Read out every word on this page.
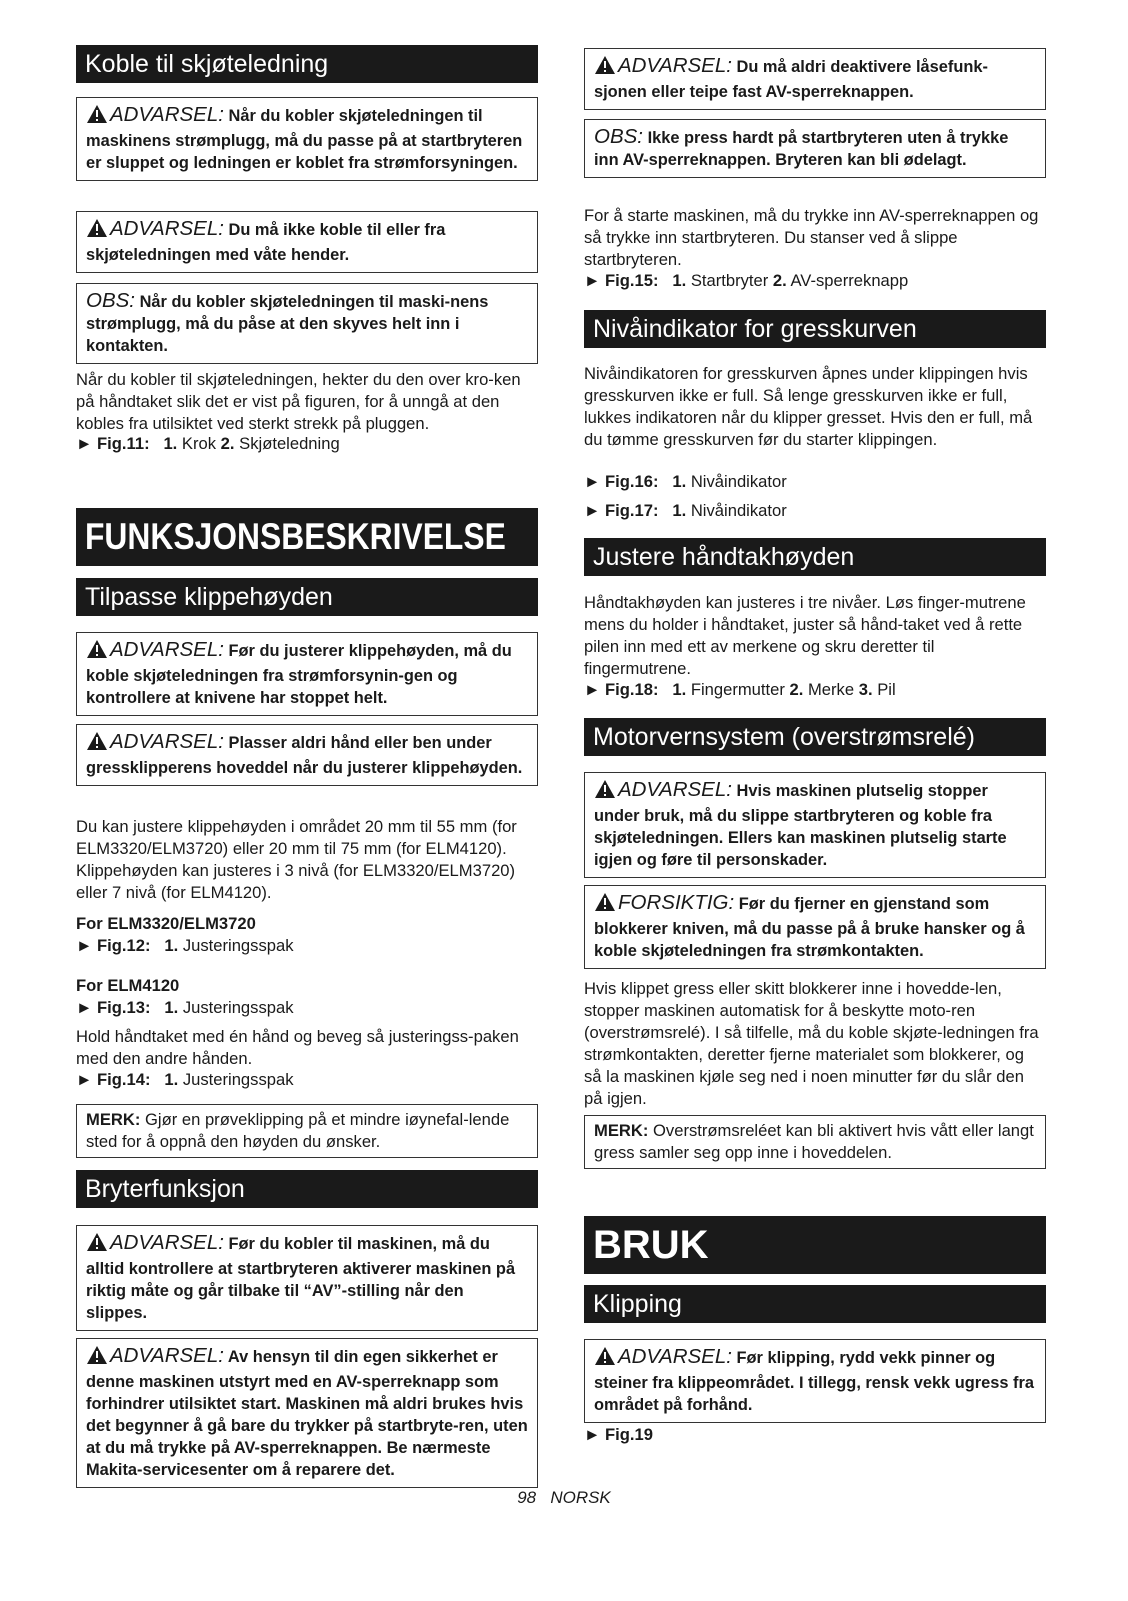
Koble til skjøteledning
ADVARSEL: Når du kobler skjøteledningen til maskinens strømplugg, må du passe på at startbryteren er sluppet og ledningen er koblet fra strømforsyningen.
ADVARSEL: Du må ikke koble til eller fra skjøteledningen med våte hender.
OBS: Når du kobler skjøteledningen til maski-nens strømplugg, må du påse at den skyves helt inn i kontakten.
Når du kobler til skjøteledningen, hekter du den over kro-ken på håndtaket slik det er vist på figuren, for å unngå at den kobles fra utilsiktet ved sterkt strekk på pluggen.
► Fig.11: 1. Krok 2. Skjøteledning
FUNKSJONSBESKRIVELSE
Tilpasse klippehøyden
ADVARSEL: Før du justerer klippehøyden, må du koble skjøteledningen fra strømforsynin-gen og kontrollere at knivene har stoppet helt.
ADVARSEL: Plasser aldri hånd eller ben under gressklipperens hoveddel når du justerer klippehøyden.
Du kan justere klippehøyden i området 20 mm til 55 mm (for ELM3320/ELM3720) eller 20 mm til 75 mm (for ELM4120). Klippehøyden kan justeres i 3 nivå (for ELM3320/ELM3720) eller 7 nivå (for ELM4120).
For ELM3320/ELM3720
► Fig.12: 1. Justeringsspak
For ELM4120
► Fig.13: 1. Justeringsspak
Hold håndtaket med én hånd og beveg så justeringss-paken med den andre hånden.
► Fig.14: 1. Justeringsspak
MERK: Gjør en prøveklipping på et mindre iøynefal-lende sted for å oppnå den høyden du ønsker.
Bryterfunksjon
ADVARSEL: Før du kobler til maskinen, må du alltid kontrollere at startbryteren aktiverer maskinen på riktig måte og går tilbake til “AV”-stilling når den slippes.
ADVARSEL: Av hensyn til din egen sikkerhet er denne maskinen utstyrt med en AV-sperreknapp som forhindrer utilsiktet start. Maskinen må aldri brukes hvis det begynner å gå bare du trykker på startbryte-ren, uten at du må trykke på AV-sperreknappen. Be nærmeste Makita-servicesenter om å reparere det.
ADVARSEL: Du må aldri deaktivere låsefunk-sjonen eller teipe fast AV-sperreknappen.
OBS: Ikke press hardt på startbryteren uten å trykke inn AV-sperreknappen. Bryteren kan bli ødelagt.
For å starte maskinen, må du trykke inn AV-sperreknappen og så trykke inn startbryteren. Du stanser ved å slippe startbryteren.
► Fig.15: 1. Startbryter 2. AV-sperreknapp
Nivåindikator for gresskurven
Nivåindikatoren for gresskurven åpnes under klippingen hvis gresskurven ikke er full. Så lenge gresskurven ikke er full, lukkes indikatoren når du klipper gresset. Hvis den er full, må du tømme gresskurven før du starter klippingen.
► Fig.16: 1. Nivåindikator
► Fig.17: 1. Nivåindikator
Justere håndtakhøyden
Håndtakhøyden kan justeres i tre nivåer. Løs finger-mutrene mens du holder i håndtaket, juster så hånd-taket ved å rette pilen inn med ett av merkene og skru deretter til fingermutrene.
► Fig.18: 1. Fingermutter 2. Merke 3. Pil
Motorvernsystem (overstrømsrelé)
ADVARSEL: Hvis maskinen plutselig stopper under bruk, må du slippe startbryteren og koble fra skjøteledningen. Ellers kan maskinen plutselig starte igjen og føre til personskader.
FORSIKTIG: Før du fjerner en gjenstand som blokkerer kniven, må du passe på å bruke hansker og å koble skjøteledningen fra strømkontakten.
Hvis klippet gress eller skitt blokkerer inne i hovedde-len, stopper maskinen automatisk for å beskytte moto-ren (overstrømsrelé). I så tilfelle, må du koble skjøte-ledningen fra strømkontakten, deretter fjerne materialet som blokkerer, og så la maskinen kjøle seg ned i noen minutter før du slår den på igjen.
MERK: Overstrømsreléet kan bli aktivert hvis vått eller langt gress samler seg opp inne i hoveddelen.
BRUK
Klipping
ADVARSEL: Før klipping, rydd vekk pinner og steiner fra klippeområdet. I tillegg, rensk vekk ugress fra området på forhånd.
► Fig.19
98 NORSK
